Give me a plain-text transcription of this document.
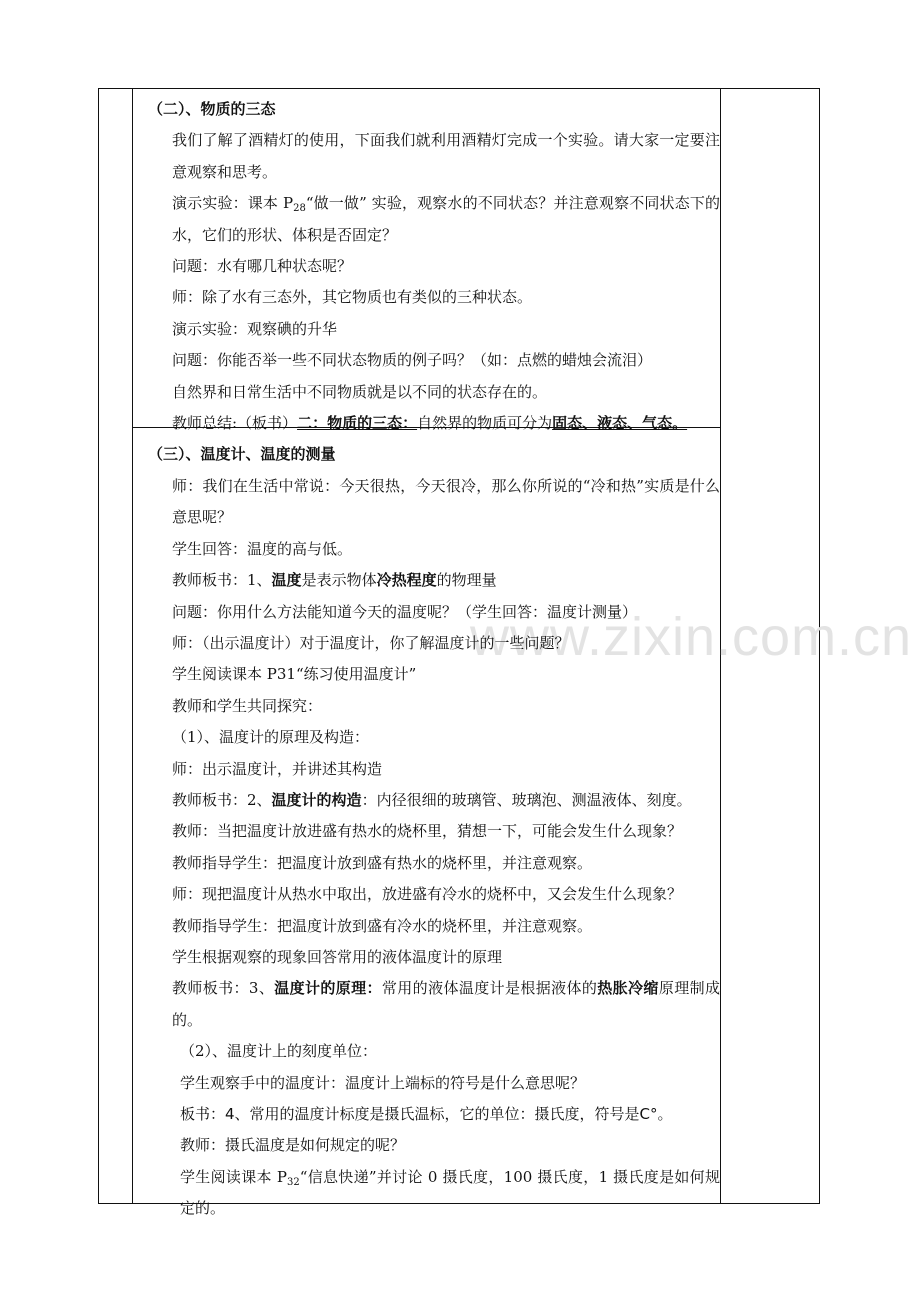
www.zixin.com.cn

（二）、物质的三态

我们了解了酒精灯的使用，下面我们就利用酒精灯完成一个实验。请大家一定要注意观察和思考。

演示实验：课本 $P_{28}“$做一做” 实验，观察水的不同状态？并注意观察不同状态下的水，它们的形状、体积是否固定？

问题：水有哪几种状态呢？

师：除了水有三态外，其它物质也有类似的三种状态。

演示实验：观察碘的升华

问题：你能否举一些不同状态物质的例子吗？（如：点燃的蜡烛会流泪）

自然界和日常生活中不同物质就是以不同的状态存在的。

教师总结:（板书）二：物质的三态：自然界的物质可分为固态、液态、气态。

（三）、温度计、温度的测量

师：我们在生活中常说：今天很热，今天很冷，那么你所说的“冷和热”实质是什么意思呢？

学生回答：温度的高与低。

教师板书：1、温度是表示物体冷热程度的物理量

问题：你用什么方法能知道今天的温度呢？（学生回答：温度计测量）

师：（出示温度计）对于温度计，你了解温度计的一些问题？

学生阅读课本 P31“练习使用温度计”

教师和学生共同探究：

（1）、温度计的原理及构造：

师：出示温度计，并讲述其构造

教师板书：2、温度计的构造：内径很细的玻璃管、玻璃泡、测温液体、刻度。

教师：当把温度计放进盛有热水的烧杯里，猜想一下，可能会发生什么现象？

教师指导学生：把温度计放到盛有热水的烧杯里，并注意观察。

师：现把温度计从热水中取出，放进盛有冷水的烧杯中，又会发生什么现象？

教师指导学生：把温度计放到盛有冷水的烧杯里，并注意观察。

学生根据观察的现象回答常用的液体温度计的原理

教师板书：3、温度计的原理：常用的液体温度计是根据液体的热胀冷缩原理制成的。

（2）、温度计上的刻度单位：

学生观察手中的温度计：温度计上端标的符号是什么意思呢？

板书：4、常用的温度计标度是摄氏温标，它的单位：摄氏度，符号是C°。

教师：摄氏温度是如何规定的呢？

学生阅读课本 $P_{32}“$信息快递”并讨论 0 摄氏度，100 摄氏度，1 摄氏度是如何规定的。
